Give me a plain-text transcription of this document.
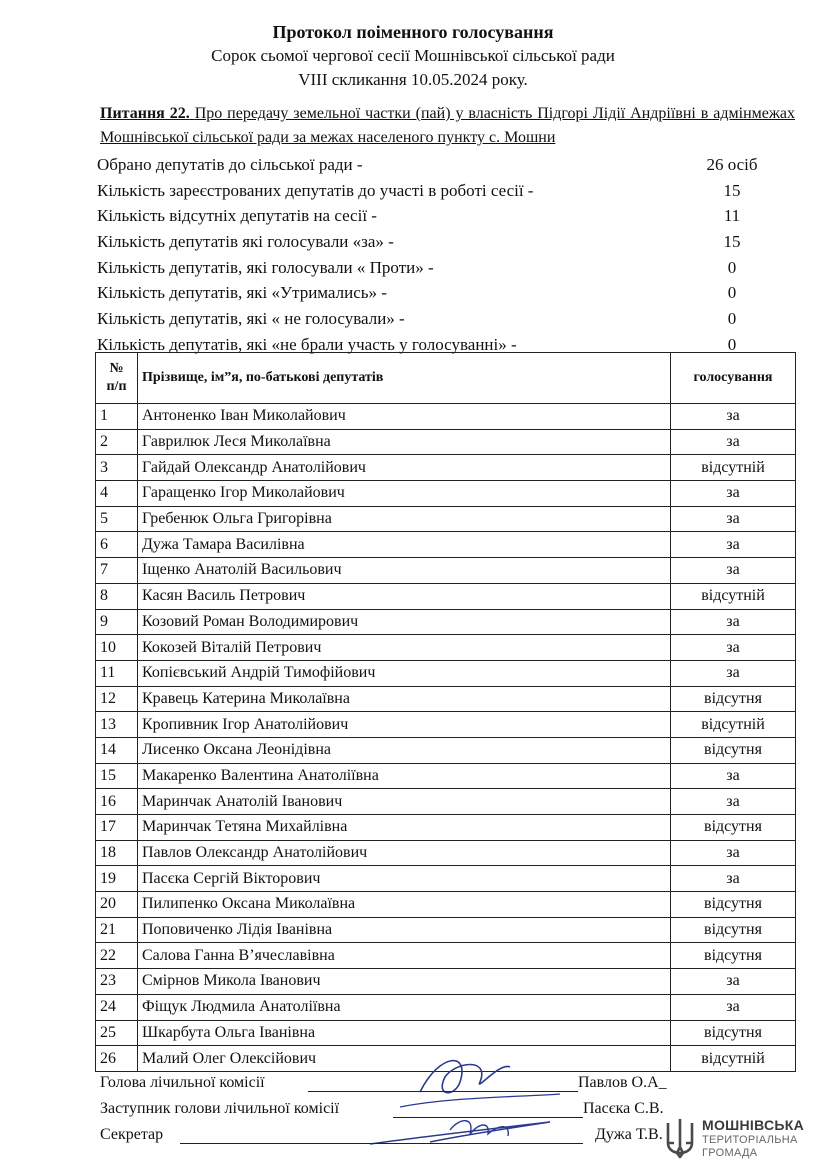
Протокол поіменного голосування
Сорок сьомої чергової сесії Мошнівської сільської ради
VIII скликання 10.05.2024 року.
Питання 22. Про передачу земельної частки (пай) у власність Підгорі Лідії Андріївні в адмінмежах Мошнівської сільської ради за межах населеного пункту с. Мошни
Обрано депутатів до сільської ради -	26 осіб
Кількість зареєстрованих депутатів до участі в роботі сесії -	15
Кількість відсутніх депутатів на сесії -	11
Кількість депутатів які голосували «за» -	15
Кількість депутатів, які голосували « Проти» -	0
Кількість депутатів, які «Утримались» -	0
Кількість депутатів, які « не голосували» -	0
Кількість депутатів, які «не брали участь у голосуванні» -	0
№
п/п	Прізвище, ім”я, по-батькові депутатів	голосування
1	Антоненко Іван Миколайович	за
2	Гаврилюк Леся Миколаївна	за
3	Гайдай Олександр Анатолійович	відсутній
4	Гаращенко Ігор Миколайович	за
5	Гребенюк Ольга Григорівна	за
6	Дужа Тамара Василівна	за
7	Іщенко Анатолій Васильович	за
8	Касян Василь Петрович	відсутній
9	Козовий Роман Володимирович	за
10	Кокозей Віталій Петрович	за
11	Копієвський Андрій Тимофійович	за
12	Кравець Катерина Миколаївна	відсутня
13	Кропивник Ігор Анатолійович	відсутній
14	Лисенко Оксана Леонідівна	відсутня
15	Макаренко Валентина Анатоліївна	за
16	Маринчак Анатолій Іванович	за
17	Маринчак Тетяна Михайлівна	відсутня
18	Павлов Олександр Анатолійович	за
19	Пасєка Сергій Вікторович	за
20	Пилипенко Оксана Миколаївна	відсутня
21	Поповиченко Лідія Іванівна	відсутня
22	Салова Ганна В’ячеславівна	відсутня
23	Смірнов Микола Іванович	за
24	Фіщук Людмила Анатоліївна	за
25	Шкарбута Ольга Іванівна	відсутня
26	Малий Олег Олексійович	відсутній
Голова лічильної комісії	Павлов О.А_
Заступник голови лічильної комісії	Пасєка С.В.
Секретар	Дужа Т.В.
МОШНІВСЬКА
ТЕРИТОРІАЛЬНА
ГРОМАДА
